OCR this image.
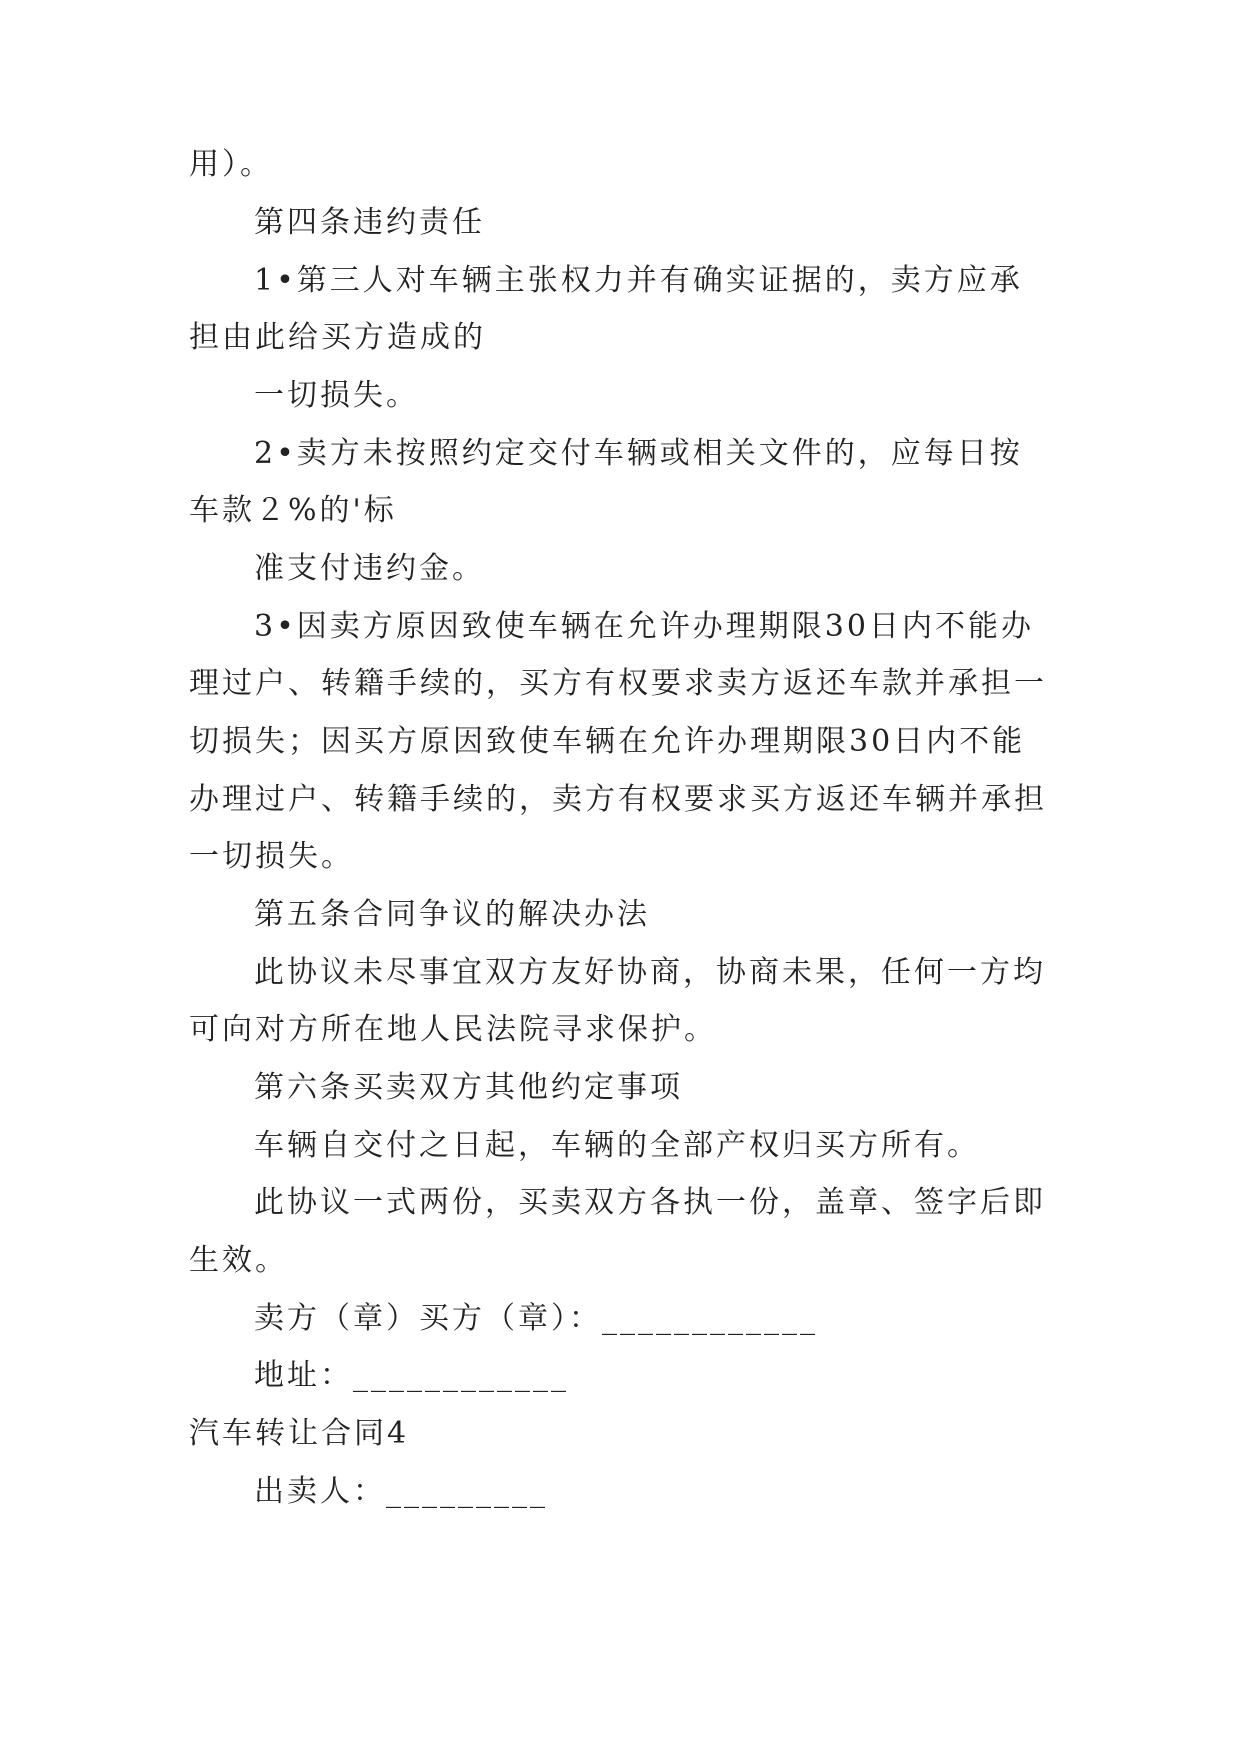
用）。
第四条违约责任
1•第三人对车辆主张权力并有确实证据的，卖方应承
担由此给买方造成的
一切损失。
2•卖方未按照约定交付车辆或相关文件的，应每日按
车款２%的'标
准支付违约金。
3•因卖方原因致使车辆在允许办理期限30日内不能办
理过户、转籍手续的，买方有权要求卖方返还车款并承担一
切损失；因买方原因致使车辆在允许办理期限30日内不能
办理过户、转籍手续的，卖方有权要求买方返还车辆并承担
一切损失。
第五条合同争议的解决办法
此协议未尽事宜双方友好协商，协商未果，任何一方均
可向对方所在地人民法院寻求保护。
第六条买卖双方其他约定事项
车辆自交付之日起，车辆的全部产权归买方所有。
此协议一式两份，买卖双方各执一份，盖章、签字后即
生效。
卖方（章）买方（章）：____________
地址：____________
汽车转让合同4
出卖人：_________
